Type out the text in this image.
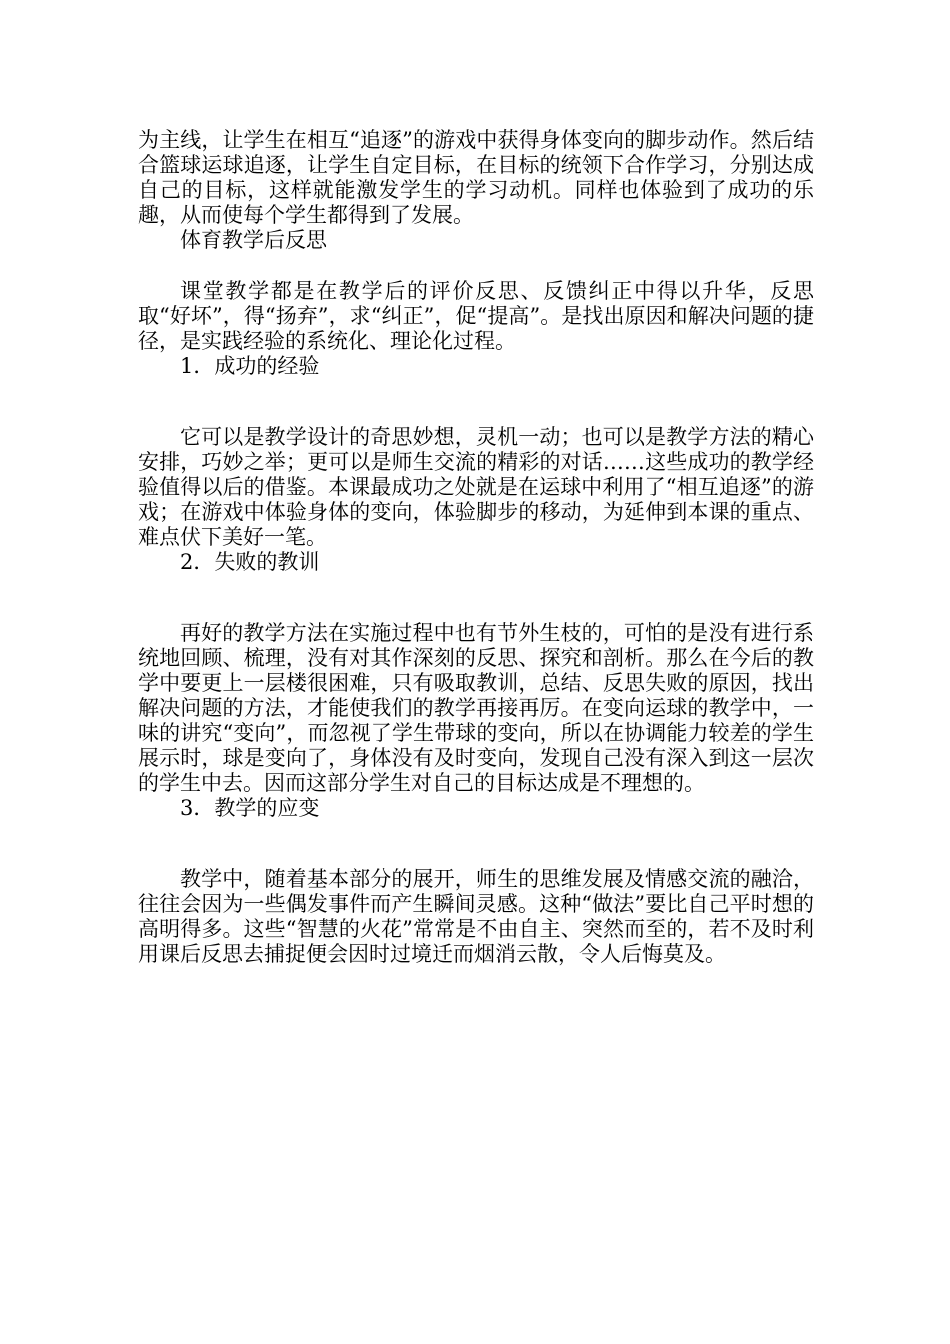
为主线，让学生在相互“追逐”的游戏中获得身体变向的脚步动作。然后结合篮球运球追逐，让学生自定目标，在目标的统领下合作学习，分别达成自己的目标，这样就能激发学生的学习动机。同样也体验到了成功的乐趣，从而使每个学生都得到了发展。

体育教学后反思

课堂教学都是在教学后的评价反思、反馈纠正中得以升华，反思取“好坏”，得“扬弃”，求“纠正”，促“提高”。是找出原因和解决问题的捷径，是实践经验的系统化、理论化过程。

1．成功的经验

它可以是教学设计的奇思妙想，灵机一动；也可以是教学方法的精心安排，巧妙之举；更可以是师生交流的精彩的对话……这些成功的教学经验值得以后的借鉴。本课最成功之处就是在运球中利用了“相互追逐”的游戏；在游戏中体验身体的变向，体验脚步的移动，为延伸到本课的重点、难点伏下美好一笔。

2．失败的教训

再好的教学方法在实施过程中也有节外生枝的，可怕的是没有进行系统地回顾、梳理，没有对其作深刻的反思、探究和剖析。那么在今后的教学中要更上一层楼很困难，只有吸取教训，总结、反思失败的原因，找出解决问题的方法，才能使我们的教学再接再厉。在变向运球的教学中，一味的讲究“变向”，而忽视了学生带球的变向，所以在协调能力较差的学生展示时，球是变向了，身体没有及时变向，发现自己没有深入到这一层次的学生中去。因而这部分学生对自己的目标达成是不理想的。

3．教学的应变

教学中，随着基本部分的展开，师生的思维发展及情感交流的融洽，往往会因为一些偶发事件而产生瞬间灵感。这种“做法”要比自己平时想的高明得多。这些“智慧的火花”常常是不由自主、突然而至的，若不及时利用课后反思去捕捉便会因时过境迁而烟消云散，令人后悔莫及。
